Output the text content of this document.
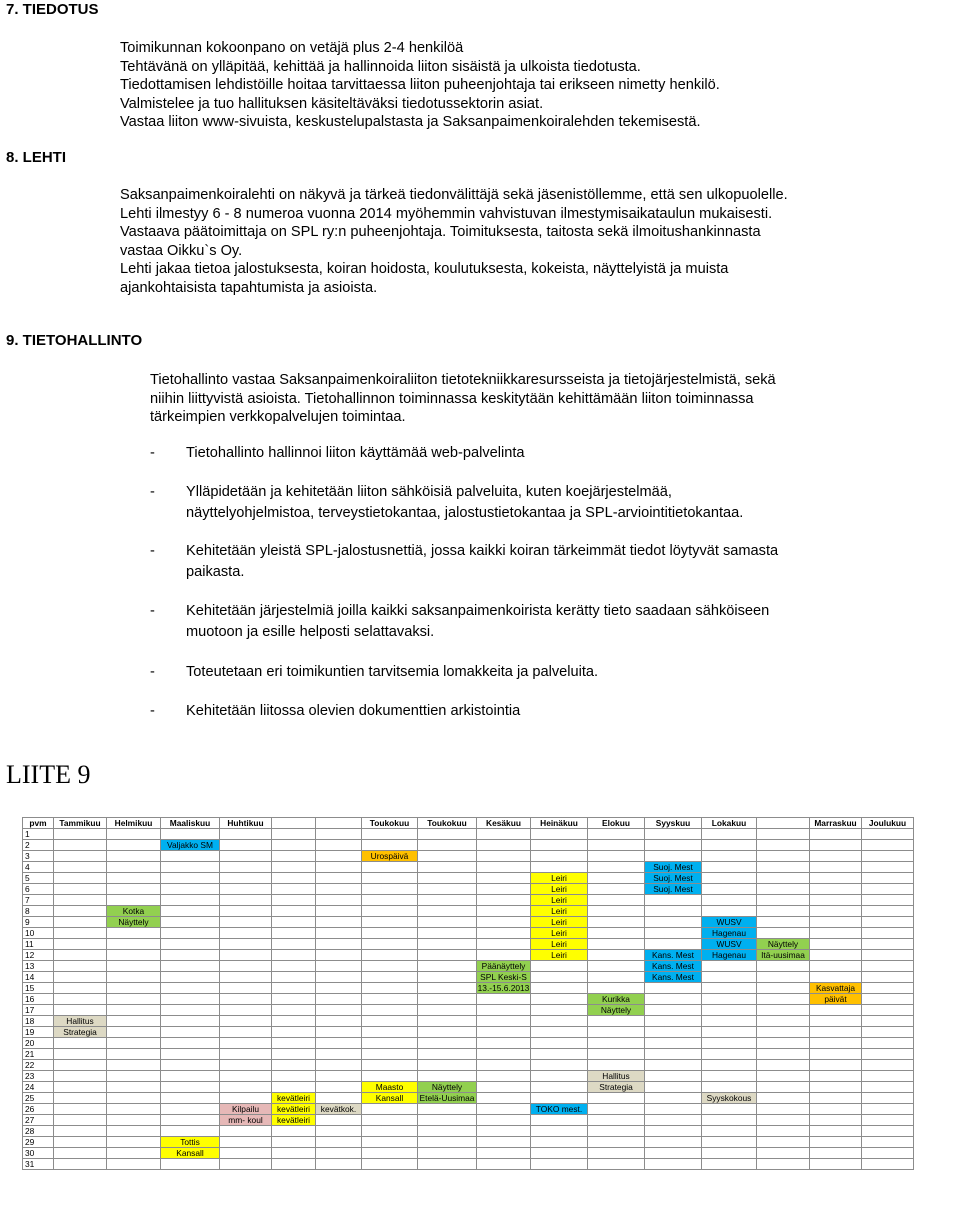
7. TIEDOTUS
Toimikunnan kokoonpano on vetäjä plus 2-4 henkilöä
Tehtävänä on ylläpitää, kehittää ja hallinnoida liiton sisäistä ja ulkoista tiedotusta.
Tiedottamisen lehdistöille hoitaa tarvittaessa liiton puheenjohtaja tai erikseen nimetty henkilö.
Valmistelee ja tuo hallituksen käsiteltäväksi tiedotussektorin asiat.
Vastaa liiton www-sivuista, keskustelupalstasta ja Saksanpaimenkoiralehden tekemisestä.
8. LEHTI
Saksanpaimenkoiralehti on näkyvä ja tärkeä tiedonvälittäjä sekä jäsenistöllemme, että sen ulkopuolelle.
Lehti ilmestyy 6 - 8 numeroa vuonna 2014 myöhemmin vahvistuvan ilmestymisaikataulun mukaisesti.
Vastaava päätoimittaja on SPL ry:n puheenjohtaja. Toimituksesta, taitosta sekä ilmoitushankinnasta
vastaa Oikku`s Oy.
Lehti jakaa tietoa jalostuksesta, koiran hoidosta, koulutuksesta, kokeista, näyttelyistä ja muista
ajankohtaisista tapahtumista ja asioista.
9. TIETOHALLINTO
Tietohallinto vastaa Saksanpaimenkoiraliiton tietotekniikkaresursseista ja tietojärjestelmistä, sekä
niihin liittyvistä asioista. Tietohallinnon toiminnassa keskitytään kehittämään liiton toiminnassa
tärkeimpien verkkopalvelujen toimintaa.
- Tietohallinto hallinnoi liiton käyttämää web-palvelinta
- Ylläpidetään ja kehitetään liiton sähköisiä palveluita, kuten koejärjestelmää,
näyttelyohjelmistoa, terveystietokantaa, jalostustietokantaa ja SPL-arviointitietokantaa.
- Kehitetään yleistä SPL-jalostusnettiä, jossa kaikki koiran tärkeimmät tiedot löytyvät samasta
paikasta.
- Kehitetään järjestelmiä joilla kaikki saksanpaimenkoirista kerätty tieto saadaan sähköiseen
muotoon ja esille helposti selattavaksi.
- Toteutetaan eri toimikuntien tarvitsemia lomakkeita ja palveluita.
- Kehitetään liitossa olevien dokumenttien arkistointia
LIITE 9
pvm	Tammikuu	Helmikuu	Maaliskuu	Huhtikuu			Toukokuu	Toukokuu	Kesäkuu	Heinäkuu	Elokuu	Syyskuu	Lokakuu		Marraskuu	Joulukuu
1																
2			Valjakko SM													
3							Urospäivä									
4												Suoj. Mest				
5										Leiri		Suoj. Mest				
6										Leiri		Suoj. Mest				
7										Leiri						
8		Kotka								Leiri						
9		Näyttely								Leiri			WUSV			
10										Leiri			Hagenau			
11										Leiri			WUSV	Näyttely		
12										Leiri		Kans. Mest	Hagenau	Itä-uusimaa		
13									Päänäyttely			Kans. Mest				
14									SPL Keski-S			Kans. Mest				
15									13.-15.6.2013						Kasvattaja	
16											Kurikka				päivät	
17											Näyttely					
18	Hallitus															
19	Strategia															
20																
21																
22																
23											Hallitus					
24							Maasto	Näyttely			Strategia					
25					kevätleiri		Kansall	Etelä-Uusimaa					Syyskokous			
26				Kilpailu	kevätleiri	kevätkok.				TOKO mest.						
27				mm- koul	kevätleiri											
28																
29			Tottis													
30			Kansall													
31																
